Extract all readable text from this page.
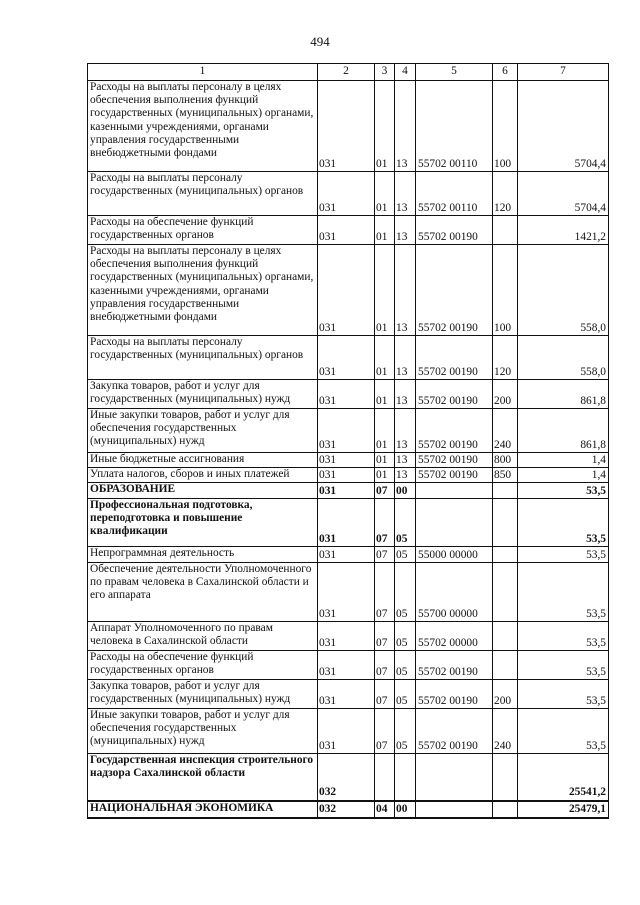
494
1	2	3	4	5	6	7
Расходы на выплаты персоналу в целях обеспечения выполнения функций государственных (муниципальных) органами, казенными учреждениями, органами управления государственными внебюджетными фондами	031	01	13	55702 00110	100	5704,4
Расходы на выплаты персоналу государственных (муниципальных) органов	031	01	13	55702 00110	120	5704,4
Расходы на обеспечение функций государственных органов	031	01	13	55702 00190		1421,2
Расходы на выплаты персоналу в целях обеспечения выполнения функций государственных (муниципальных) органами, казенными учреждениями, органами управления государственными внебюджетными фондами	031	01	13	55702 00190	100	558,0
Расходы на выплаты персоналу государственных (муниципальных) органов	031	01	13	55702 00190	120	558,0
Закупка товаров, работ и услуг для государственных (муниципальных) нужд	031	01	13	55702 00190	200	861,8
Иные закупки товаров, работ и услуг для обеспечения государственных (муниципальных) нужд	031	01	13	55702 00190	240	861,8
Иные бюджетные ассигнования	031	01	13	55702 00190	800	1,4
Уплата налогов, сборов и иных платежей	031	01	13	55702 00190	850	1,4
ОБРАЗОВАНИЕ	031	07	00			53,5
Профессиональная подготовка, переподготовка и повышение квалификации	031	07	05			53,5
Непрограммная деятельность	031	07	05	55000 00000		53,5
Обеспечение деятельности Уполномоченного по правам человека в Сахалинской области и его аппарата	031	07	05	55700 00000		53,5
Аппарат Уполномоченного по правам человека в Сахалинской области	031	07	05	55702 00000		53,5
Расходы на обеспечение функций государственных органов	031	07	05	55702 00190		53,5
Закупка товаров, работ и услуг для государственных (муниципальных) нужд	031	07	05	55702 00190	200	53,5
Иные закупки товаров, работ и услуг для обеспечения государственных (муниципальных) нужд	031	07	05	55702 00190	240	53,5
Государственная инспекция строительного надзора Сахалинской области	032					25541,2
НАЦИОНАЛЬНАЯ ЭКОНОМИКА	032	04	00			25479,1
